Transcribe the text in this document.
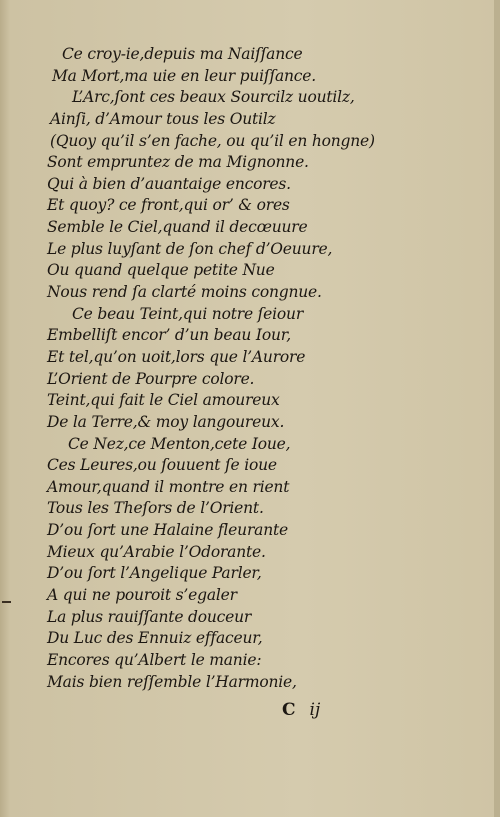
Ce croy-ie,depuis ma Naiſſance
Ma Mort,ma uie en leur puiſſance.
L’Arc,ſont ces beaux Sourcilz uoutilz,
Ainſi, d’Amour tous les Outilz
(Quoy qu’il s’en fache, ou qu’il en hongne)
Sont empruntez de ma Mignonne.
Qui à bien d’auantaige encores.
Et quoy? ce front,qui or’ & ores
Semble le Ciel,quand il decœuure
Le plus luyſant de ſon chef d’Oeuure,
Ou quand quelque petite Nue
Nous rend ſa clarté moins congnue.
Ce beau Teint,qui notre ſeiour
Embelliſt encor’ d’un beau Iour,
Et tel,qu’on uoit,lors que l’Aurore
L’Orient de Pourpre colore.
Teint,qui fait le Ciel amoureux
De la Terre,& moy langoureux.
Ce Nez,ce Menton,cete Ioue,
Ces Leures,ou ſouuent ſe ioue
Amour,quand il montre en rient
Tous les Theſors de l’Orient.
D’ou ſort une Halaine fleurante
Mieux qu’Arabie l’Odorante.
D’ou ſort l’Angelique Parler,
A qui ne pouroit s’egaler
La plus rauiſſante douceur
Du Luc des Ennuiz effaceur,
Encores qu’Albert le manie:
Mais bien reſſemble l’Harmonie,
C ij
